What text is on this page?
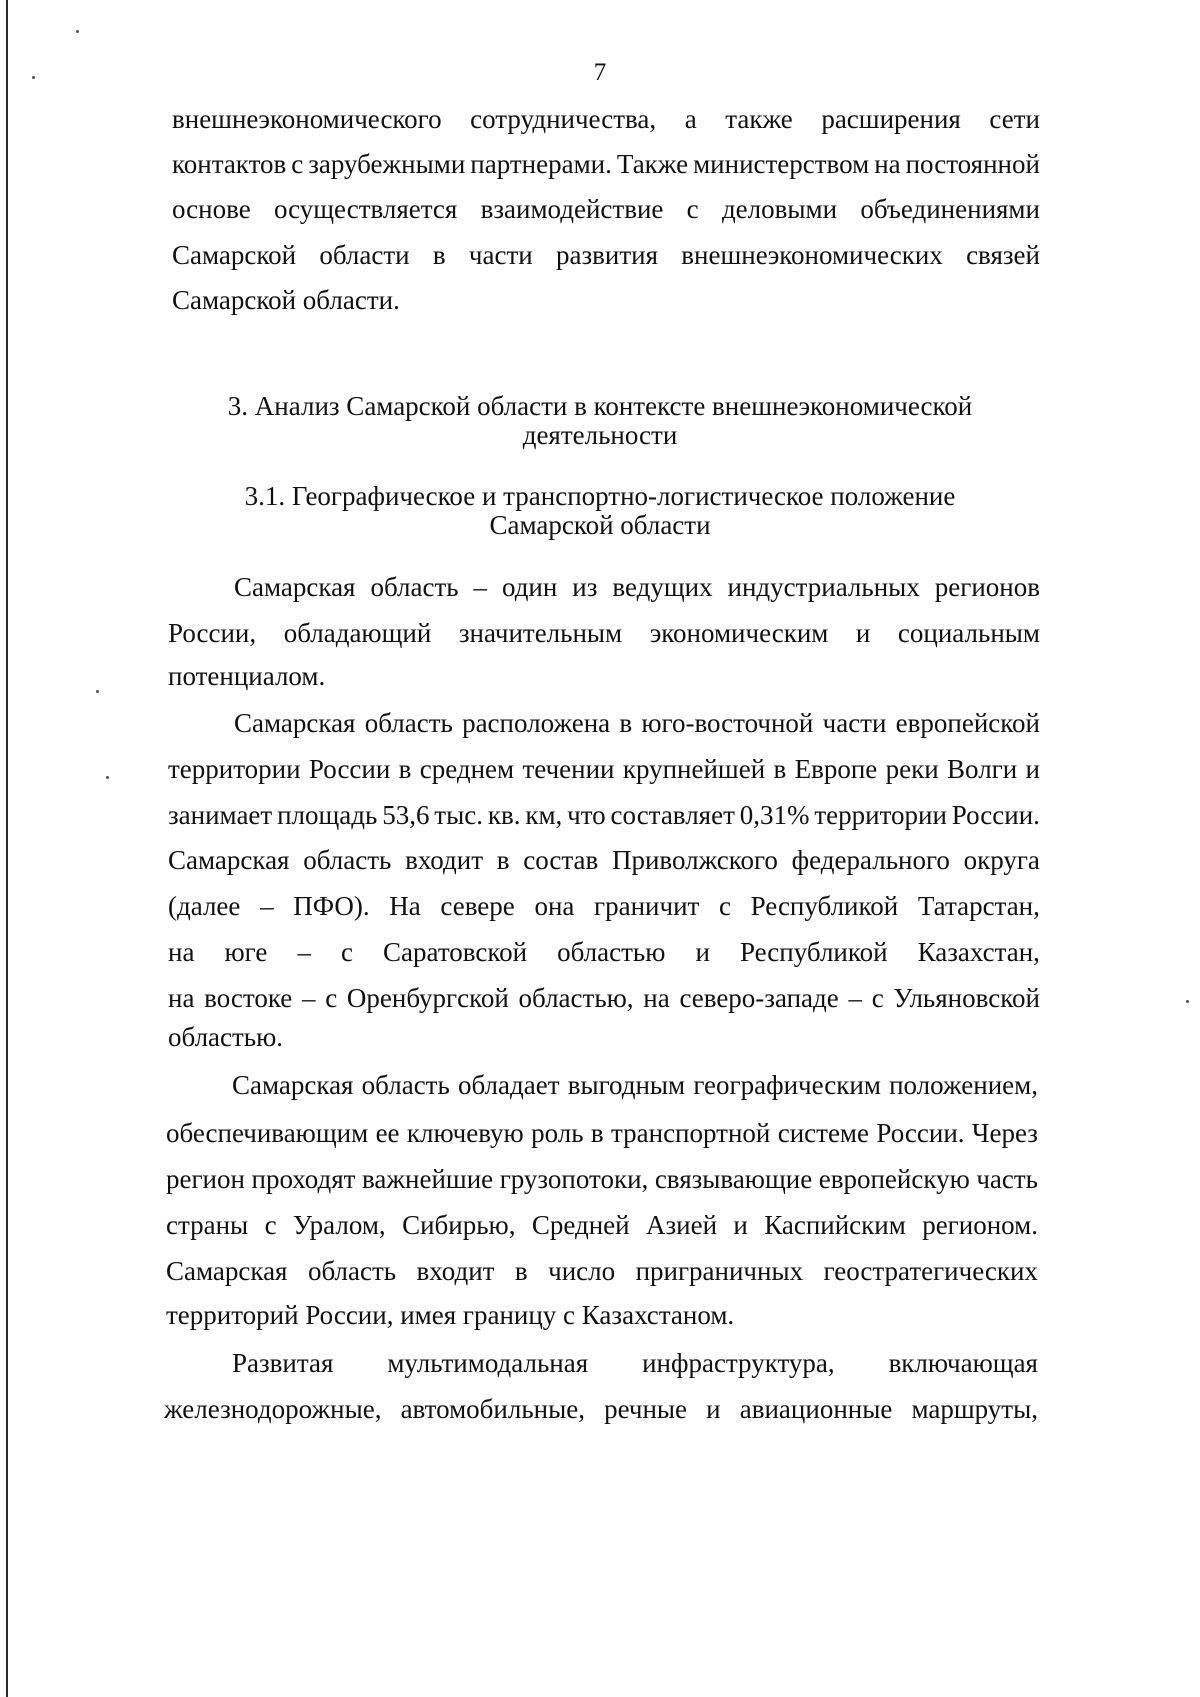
7

внешнеэкономического сотрудничества, а также расширения сети

контактов с зарубежными партнерами. Также министерством на постоянной

основе осуществляется взаимодействие с деловыми объединениями

Самарской области в части развития внешнеэкономических связей

Самарской области.

3. Анализ Самарской области в контексте внешнеэкономической

деятельности

3.1. Географическое и транспортно-логистическое положение

Самарской области

Самарская область – один из ведущих индустриальных регионов

России, обладающий значительным экономическим и социальным

потенциалом.

Самарская область расположена в юго-восточной части европейской

территории России в среднем течении крупнейшей в Европе реки Волги и

занимает площадь 53,6 тыс. кв. км, что составляет 0,31% территории России.

Самарская область входит в состав Приволжского федерального округа

(далее – ПФО). На севере она граничит с Республикой Татарстан,

на юге – с Саратовской областью и Республикой Казахстан,

на востоке – с Оренбургской областью, на северо-западе – с Ульяновской

областью.

Самарская область обладает выгодным географическим положением,

обеспечивающим ее ключевую роль в транспортной системе России. Через

регион проходят важнейшие грузопотоки, связывающие европейскую часть

страны с Уралом, Сибирью, Средней Азией и Каспийским регионом.

Самарская область входит в число приграничных геостратегических

территорий России, имея границу с Казахстаном.

Развитая мультимодальная инфраструктура, включающая

железнодорожные, автомобильные, речные и авиационные маршруты,
